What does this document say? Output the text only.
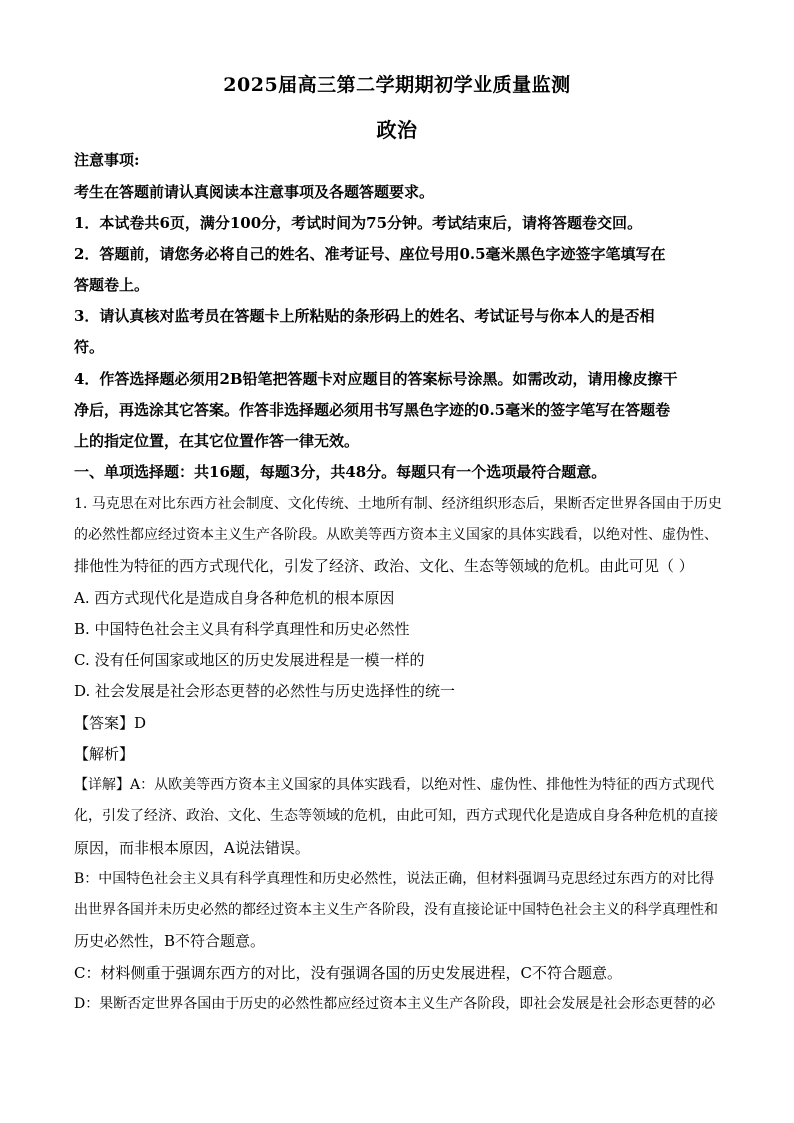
2025届高三第二学期期初学业质量监测
政治
注意事项:
考生在答题前请认真阅读本注意事项及各题答题要求。
1．本试卷共6页，满分100分，考试时间为75分钟。考试结束后，请将答题卷交回。
2．答题前，请您务必将自己的姓名、准考证号、座位号用0.5毫米黑色字迹签字笔填写在
答题卷上。
3．请认真核对监考员在答题卡上所粘贴的条形码上的姓名、考试证号与你本人的是否相
符。
4．作答选择题必须用2B铅笔把答题卡对应题目的答案标号涂黑。如需改动，请用橡皮擦干
净后，再选涂其它答案。作答非选择题必须用书写黑色字迹的0.5毫米的签字笔写在答题卷
上的指定位置，在其它位置作答一律无效。
一、单项选择题：共16题，每题3分，共48分。每题只有一个选项最符合题意。
1. 马克思在对比东西方社会制度、文化传统、土地所有制、经济组织形态后，果断否定世界各国由于历史
的必然性都应经过资本主义生产各阶段。从欧美等西方资本主义国家的具体实践看，以绝对性、虚伪性、
排他性为特征的西方式现代化，引发了经济、政治、文化、生态等领域的危机。由此可见（ ）
A. 西方式现代化是造成自身各种危机的根本原因
B. 中国特色社会主义具有科学真理性和历史必然性
C. 没有任何国家或地区的历史发展进程是一模一样的
D. 社会发展是社会形态更替的必然性与历史选择性的统一
【答案】D
【解析】
【详解】A：从欧美等西方资本主义国家的具体实践看，以绝对性、虚伪性、排他性为特征的西方式现代
化，引发了经济、政治、文化、生态等领域的危机，由此可知，西方式现代化是造成自身各种危机的直接
原因，而非根本原因，A说法错误。
B：中国特色社会主义具有科学真理性和历史必然性，说法正确，但材料强调马克思经过东西方的对比得
出世界各国并未历史必然的都经过资本主义生产各阶段，没有直接论证中国特色社会主义的科学真理性和
历史必然性，B不符合题意。
C：材料侧重于强调东西方的对比，没有强调各国的历史发展进程，C不符合题意。
D：果断否定世界各国由于历史的必然性都应经过资本主义生产各阶段，即社会发展是社会形态更替的必
